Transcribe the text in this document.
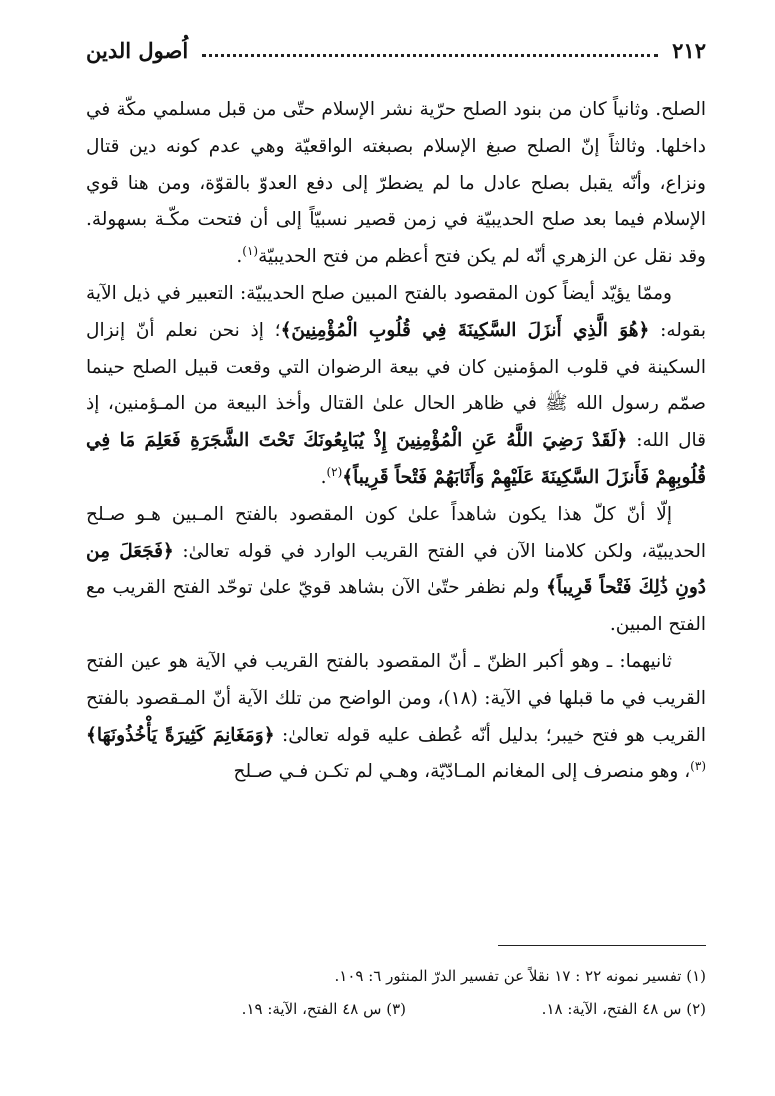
٢١٢
اُصول الدين

الصلح. وثانياً كان من بنود الصلح حرّية نشر الإسلام حتّى من قبل مسلمي مكّة في داخلها. وثالثاً إنّ الصلح صبغ الإسلام بصبغته الواقعيّة وهي عدم كونه دين قتال ونزاع، وأنّه يقبل بصلح عادل ما لم يضطرّ إلى دفع العدوّ بالقوّة، ومن هنا قوي الإسلام فيما بعد صلح الحديبيّة في زمن قصير نسبيّاً إلى أن فتحت مكّـة بسهولة. وقد نقل عن الزهري أنّه لم يكن فتح أعظم من فتح الحديبيّة$^{(١)}$.

وممّا يؤيّد أيضاً كون المقصود بالفتح المبين صلح الحديبيّة: التعبير في ذيل الآية بقوله: ﴿هُوَ الَّذِي أَنزَلَ السَّكِينَةَ فِي قُلُوبِ الْمُؤْمِنِينَ﴾؛ إذ نحن نعلم أنّ إنزال السكينة في قلوب المؤمنين كان في بيعة الرضوان التي وقعت قبيل الصلح حينما صمّم رسول الله ﷺ في ظاهر الحال علىٰ القتال وأخذ البيعة من المـؤمنين، إذ قال الله: ﴿لَقَدْ رَضِيَ اللَّهُ عَنِ الْمُؤْمِنِينَ إِذْ يُبَايِعُونَكَ تَحْتَ الشَّجَرَةِ فَعَلِمَ مَا فِي قُلُوبِهِمْ فَأَنزَلَ السَّكِينَةَ عَلَيْهِمْ وَأَثَابَهُمْ فَتْحاً قَرِيباً﴾$^{(٢)}$.

إلّا أنّ كلّ هذا يكون شاهداً علىٰ كون المقصود بالفتح المـبين هـو صـلح الحديبيّة، ولكن كلامنا الآن في الفتح القريب الوارد في قوله تعالىٰ: ﴿فَجَعَلَ مِن دُونِ ذَٰلِكَ فَتْحاً قَرِيباً﴾ ولم نظفر حتّىٰ الآن بشاهد قويّ علىٰ توحّد الفتح القريب مع الفتح المبين.

ثانيهما: ـ وهو أكبر الظنّ ـ أنّ المقصود بالفتح القريب في الآية هو عين الفتح القريب في ما قبلها في الآية: (١٨)، ومن الواضح من تلك الآية أنّ المـقصود بالفتح القريب هو فتح خيبر؛ بدليل أنّه عُطف عليه قوله تعالىٰ: ﴿وَمَغَانِمَ كَثِيرَةً يَأْخُذُونَهَا﴾$^{(٣)}$، وهو منصرف إلى المغانم المـادّيّة، وهـي لم تكـن فـي صـلح

(١) تفسير نمونه ٢٢ : ١٧ نقلاً عن تفسير الدرّ المنثور ٦: ١٠٩.
(٢) س ٤٨ الفتح، الآية: ١٨.
(٣) س ٤٨ الفتح، الآية: ١٩.
